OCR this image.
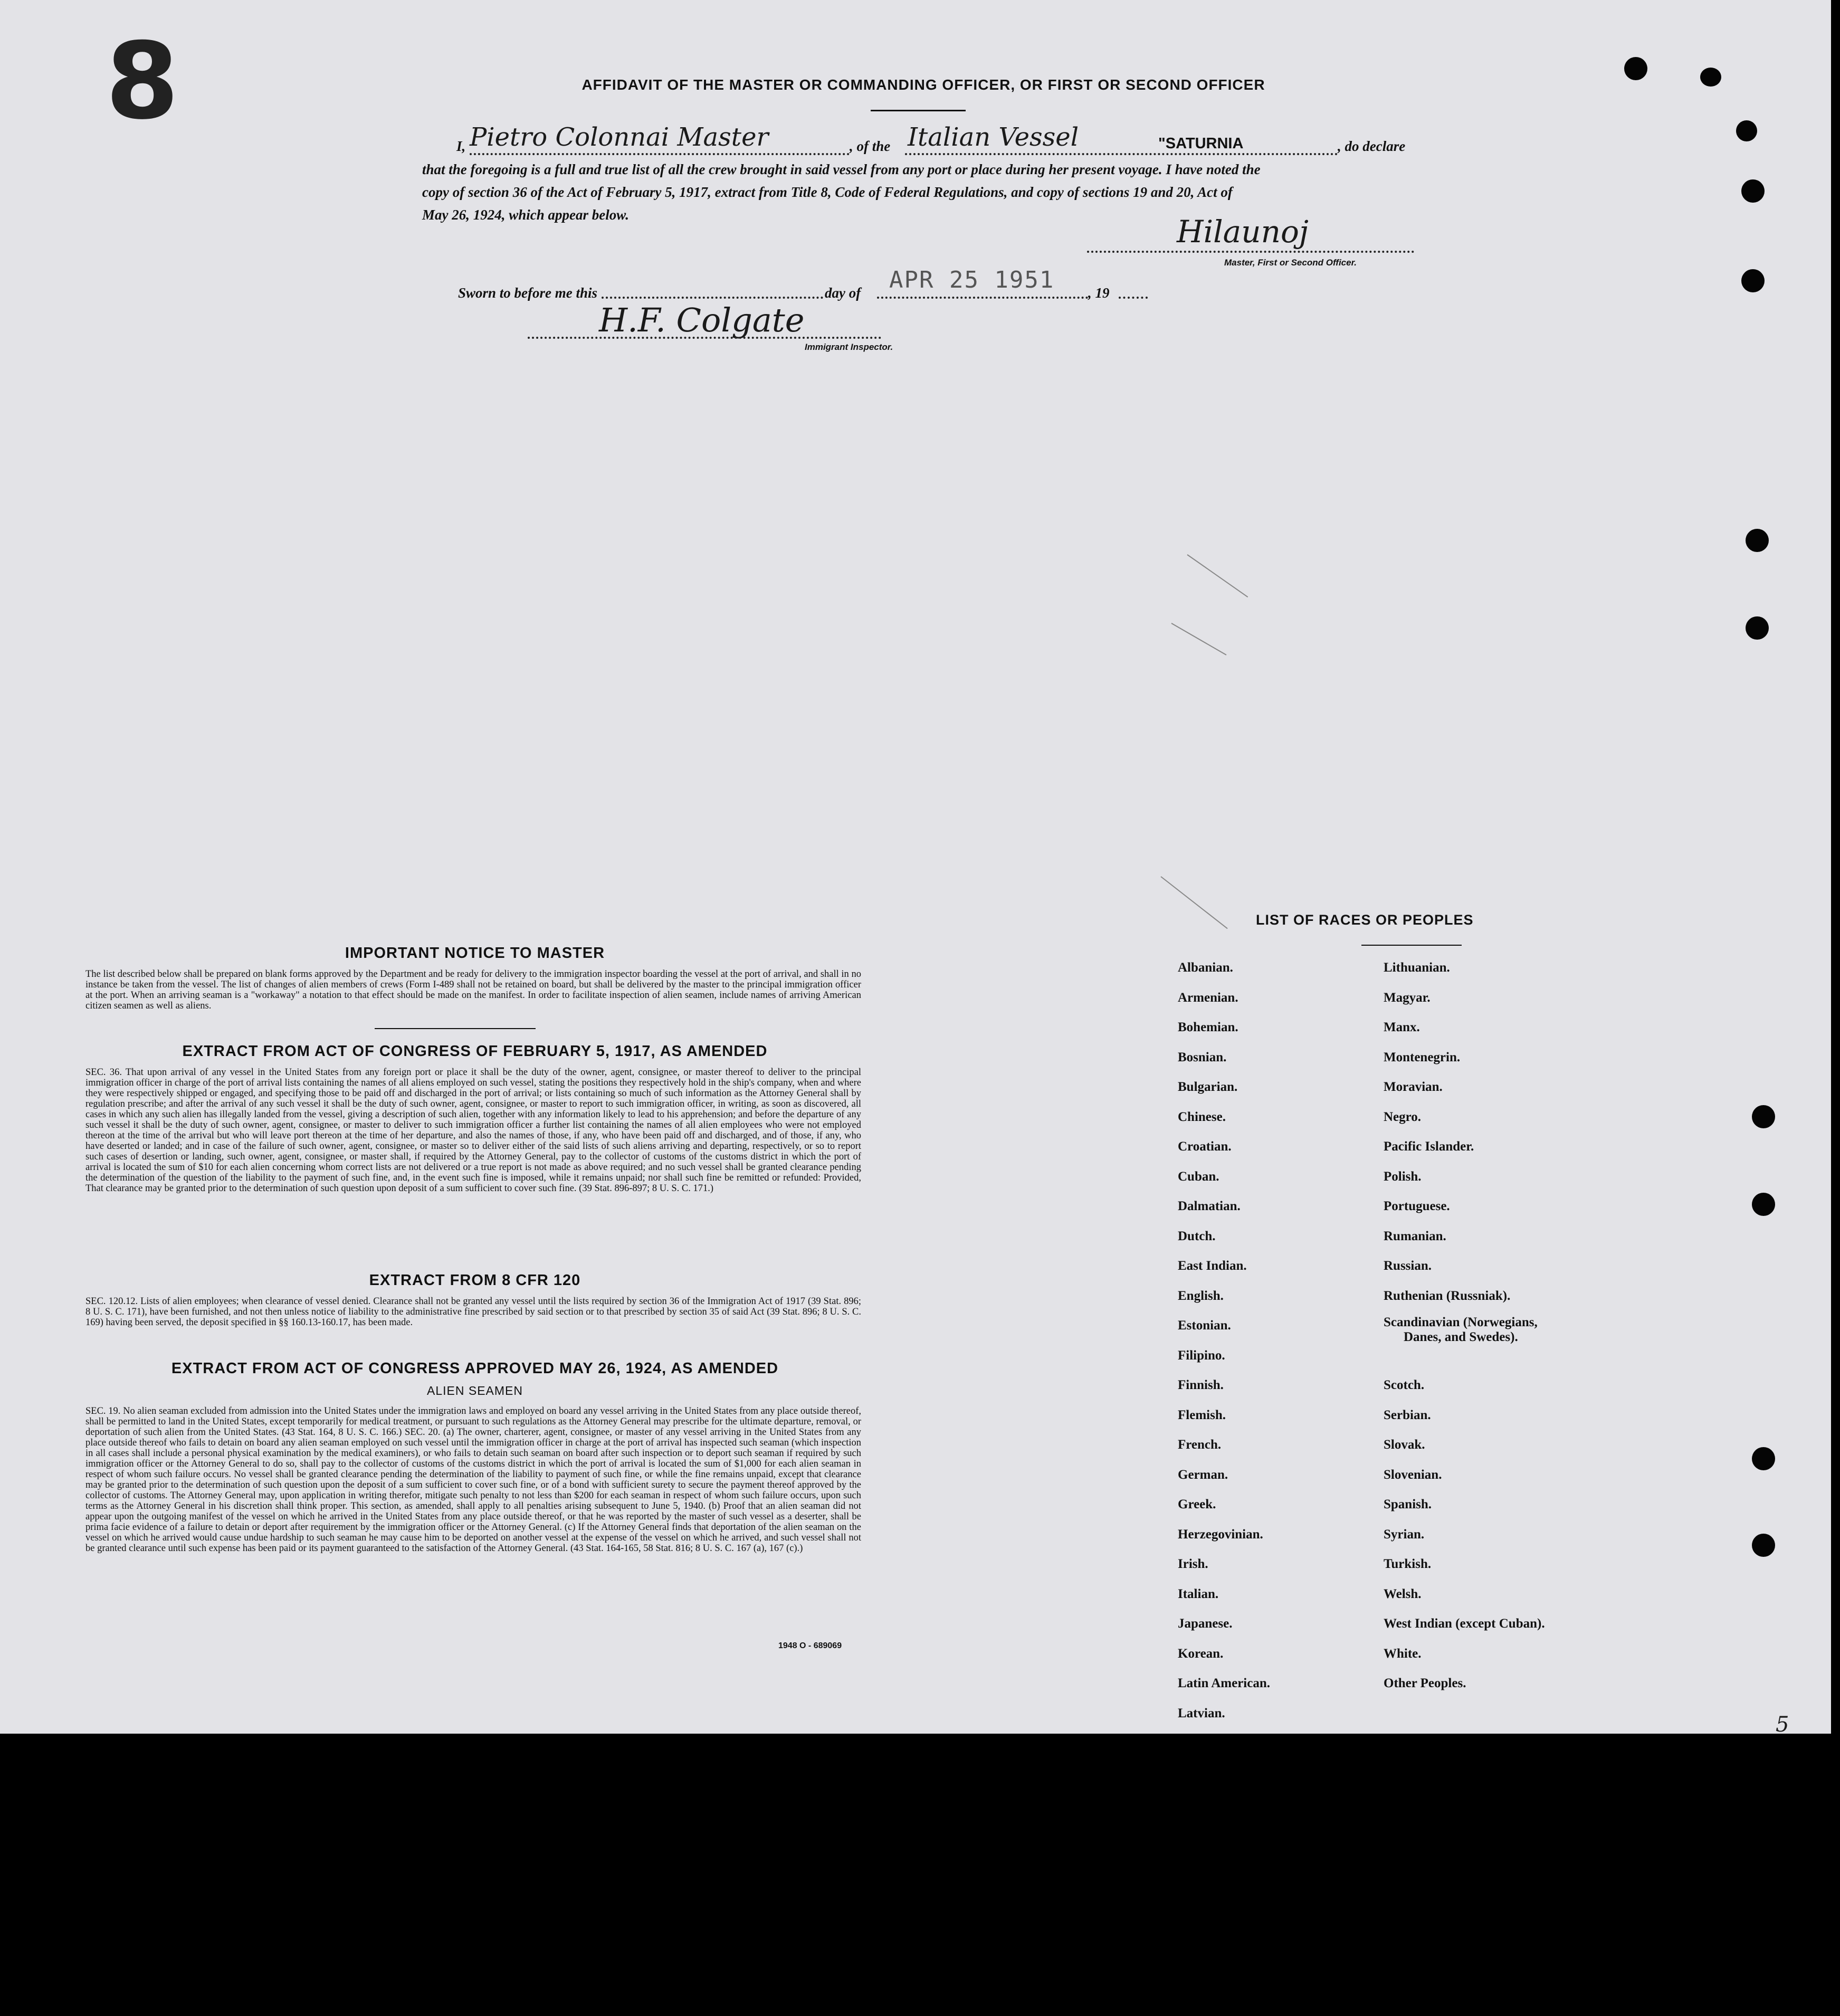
8
5
AFFIDAVIT OF THE MASTER OR COMMANDING OFFICER, OR FIRST OR SECOND OFFICER
I, Pietro Colonnai Master	, of the Italian Vessel	"SATURNIA	, do declare
that the foregoing is a full and true list of all the crew brought in said vessel from any port or place during her present voyage. I have noted the
copy of section 36 of the Act of February 5, 1917, extract from Title 8, Code of Federal Regulations, and copy of sections 19 and 20, Act of
May 26, 1924, which appear below.	Hilaunoj
Master, First or Second Officer.
Sworn to before me this	day of APR 25 1951 , 19
H.F. Colgate
Immigrant Inspector.
IMPORTANT NOTICE TO MASTER
The list described below shall be prepared on blank forms approved by the Department and be ready for delivery to the immigration inspector boarding the vessel at the port of arrival, and shall in no instance be taken from the vessel. The list of changes of alien members of crews (Form I-489 shall not be retained on board, but shall be delivered by the master to the principal immigration officer at the port. When an arriving seaman is a "workaway" a notation to that effect should be made on the manifest. In order to facilitate inspection of alien seamen, include names of arriving American citizen seamen as well as aliens.
EXTRACT FROM ACT OF CONGRESS OF FEBRUARY 5, 1917, AS AMENDED
SEC. 36. That upon arrival of any vessel in the United States from any foreign port or place it shall be the duty of the owner, agent, consignee, or master thereof to deliver to the principal immigration officer in charge of the port of arrival lists containing the names of all aliens employed on such vessel, stating the positions they respectively hold in the ship's company, when and where they were respectively shipped or engaged, and specifying those to be paid off and discharged in the port of arrival; or lists containing so much of such information as the Attorney General shall by regulation prescribe; and after the arrival of any such vessel it shall be the duty of such owner, agent, consignee, or master to report to such immigration officer, in writing, as soon as discovered, all cases in which any such alien has illegally landed from the vessel, giving a description of such alien, together with any information likely to lead to his apprehension; and before the departure of any such vessel it shall be the duty of such owner, agent, consignee, or master to deliver to such immigration officer a further list containing the names of all alien employees who were not employed thereon at the time of the arrival but who will leave port thereon at the time of her departure, and also the names of those, if any, who have been paid off and discharged, and of those, if any, who have deserted or landed; and in case of the failure of such owner, agent, consignee, or master so to deliver either of the said lists of such aliens arriving and departing, respectively, or so to report such cases of desertion or landing, such owner, agent, consignee, or master shall, if required by the Attorney General, pay to the collector of customs of the customs district in which the port of arrival is located the sum of $10 for each alien concerning whom correct lists are not delivered or a true report is not made as above required; and no such vessel shall be granted clearance pending the determination of the question of the liability to the payment of such fine, and, in the event such fine is imposed, while it remains unpaid; nor shall such fine be remitted or refunded: Provided, That clearance may be granted prior to the determination of such question upon deposit of a sum sufficient to cover such fine. (39 Stat. 896-897; 8 U. S. C. 171.)
EXTRACT FROM 8 CFR 120
SEC. 120.12. Lists of alien employees; when clearance of vessel denied. Clearance shall not be granted any vessel until the lists required by section 36 of the Immigration Act of 1917 (39 Stat. 896; 8 U. S. C. 171), have been furnished, and not then unless notice of liability to the administrative fine prescribed by said section or to that prescribed by section 35 of said Act (39 Stat. 896; 8 U. S. C. 169) having been served, the deposit specified in §§ 160.13-160.17, has been made.
EXTRACT FROM ACT OF CONGRESS APPROVED MAY 26, 1924, AS AMENDED
ALIEN SEAMEN
SEC. 19. No alien seaman excluded from admission into the United States under the immigration laws and employed on board any vessel arriving in the United States from any place outside thereof, shall be permitted to land in the United States, except temporarily for medical treatment, or pursuant to such regulations as the Attorney General may prescribe for the ultimate departure, removal, or deportation of such alien from the United States. (43 Stat. 164, 8 U. S. C. 166.) SEC. 20. (a) The owner, charterer, agent, consignee, or master of any vessel arriving in the United States from any place outside thereof who fails to detain on board any alien seaman employed on such vessel until the immigration officer in charge at the port of arrival has inspected such seaman (which inspection in all cases shall include a personal physical examination by the medical examiners), or who fails to detain such seaman on board after such inspection or to deport such seaman if required by such immigration officer or the Attorney General to do so, shall pay to the collector of customs of the customs district in which the port of arrival is located the sum of $1,000 for each alien seaman in respect of whom such failure occurs. No vessel shall be granted clearance pending the determination of the liability to payment of such fine, or while the fine remains unpaid, except that clearance may be granted prior to the determination of such question upon the deposit of a sum sufficient to cover such fine, or of a bond with sufficient surety to secure the payment thereof approved by the collector of customs. The Attorney General may, upon application in writing therefor, mitigate such penalty to not less than $200 for each seaman in respect of whom such failure occurs, upon such terms as the Attorney General in his discretion shall think proper. This section, as amended, shall apply to all penalties arising subsequent to June 5, 1940. (b) Proof that an alien seaman did not appear upon the outgoing manifest of the vessel on which he arrived in the United States from any place outside thereof, or that he was reported by the master of such vessel as a deserter, shall be prima facie evidence of a failure to detain or deport after requirement by the immigration officer or the Attorney General. (c) If the Attorney General finds that deportation of the alien seaman on the vessel on which he arrived would cause undue hardship to such seaman he may cause him to be deported on another vessel at the expense of the vessel on which he arrived, and such vessel shall not be granted clearance until such expense has been paid or its payment guaranteed to the satisfaction of the Attorney General. (43 Stat. 164-165, 58 Stat. 816; 8 U. S. C. 167 (a), 167 (c).)
1948 O - 689069
LIST OF RACES OR PEOPLES
Albanian.
Armenian.
Bohemian.
Bosnian.
Bulgarian.
Chinese.
Croatian.
Cuban.
Dalmatian.
Dutch.
East Indian.
English.
Estonian.
Filipino.
Finnish.
Flemish.
French.
German.
Greek.
Herzegovinian.
Irish.
Italian.
Japanese.
Korean.
Latin American.
Latvian.
Lithuanian.
Magyar.
Manx.
Montenegrin.
Moravian.
Negro.
Pacific Islander.
Polish.
Portuguese.
Rumanian.
Russian.
Ruthenian (Russniak).
Scandinavian (Norwegians,
Danes, and Swedes).
Scotch.
Serbian.
Slovak.
Slovenian.
Spanish.
Syrian.
Turkish.
Welsh.
West Indian (except Cuban).
White.
Other Peoples.
